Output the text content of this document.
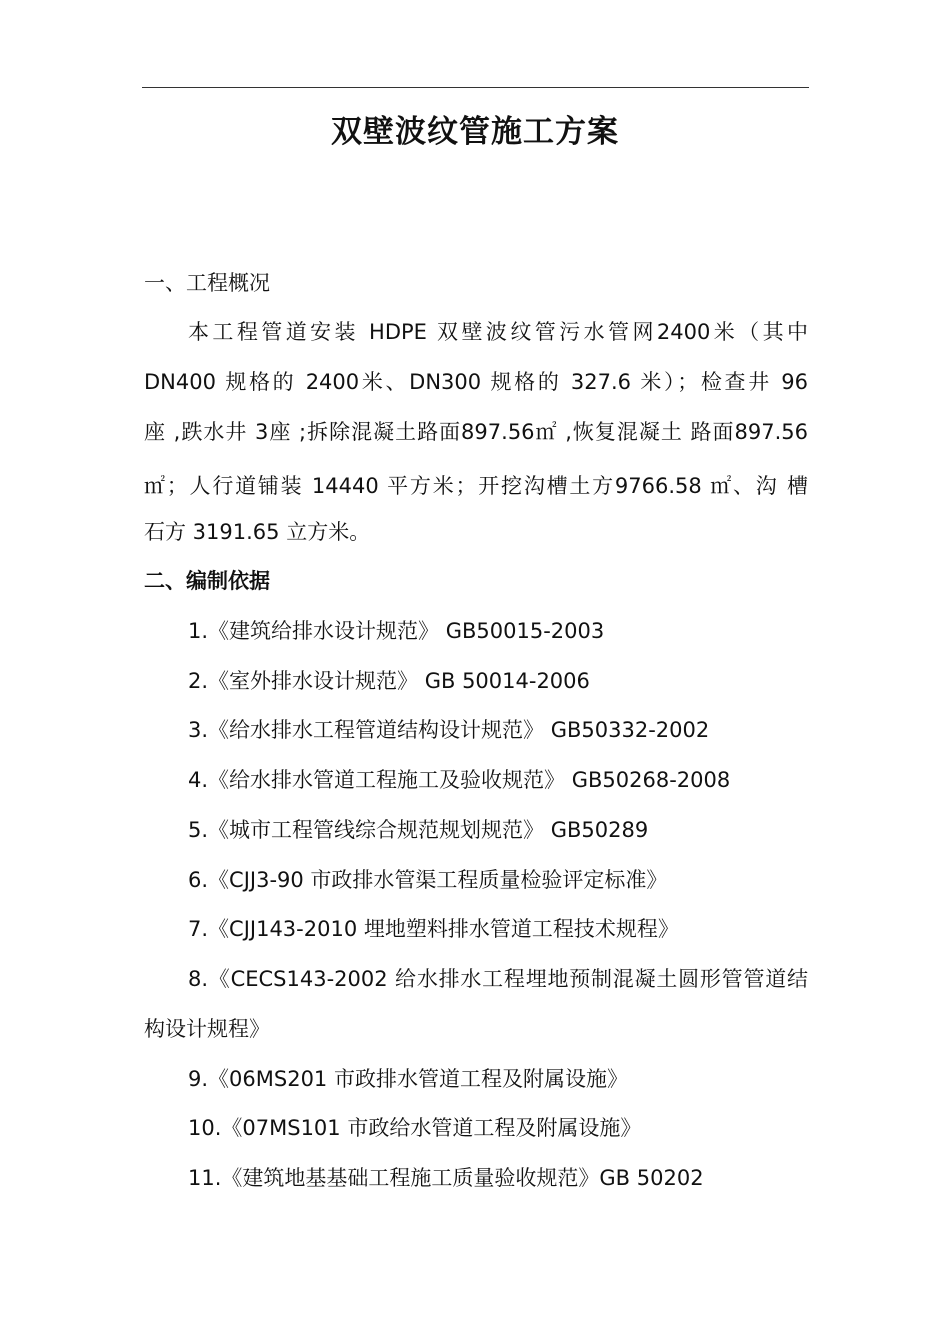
双壁波纹管施工方案
一、工程概况
本工程管道安装 HDPE 双壁波纹管污水管网2400米（其中
DN400 规格的 2400米、DN300 规格的 327.6 米）；检查井 96
座 ,跌水井 3座 ;拆除混凝土路面897.56㎡ ,恢复混凝土 路面897.56
㎡；人行道铺装 14440 平方米；开挖沟槽土方9766.58 ㎡、沟 槽
石方 3191.65 立方米。
二、编制依据
1.《建筑给排水设计规范》 GB50015-2003
2.《室外排水设计规范》 GB 50014-2006
3.《给水排水工程管道结构设计规范》 GB50332-2002
4.《给水排水管道工程施工及验收规范》 GB50268-2008
5.《城市工程管线综合规范规划规范》 GB50289
6.《CJJ3-90 市政排水管渠工程质量检验评定标准》
7.《CJJ143-2010 埋地塑料排水管道工程技术规程》
8.《CECS143-2002 给水排水工程埋地预制混凝土圆形管管道结
构设计规程》
9.《06MS201 市政排水管道工程及附属设施》
10.《07MS101 市政给水管道工程及附属设施》
11.《建筑地基基础工程施工质量验收规范》GB 50202
